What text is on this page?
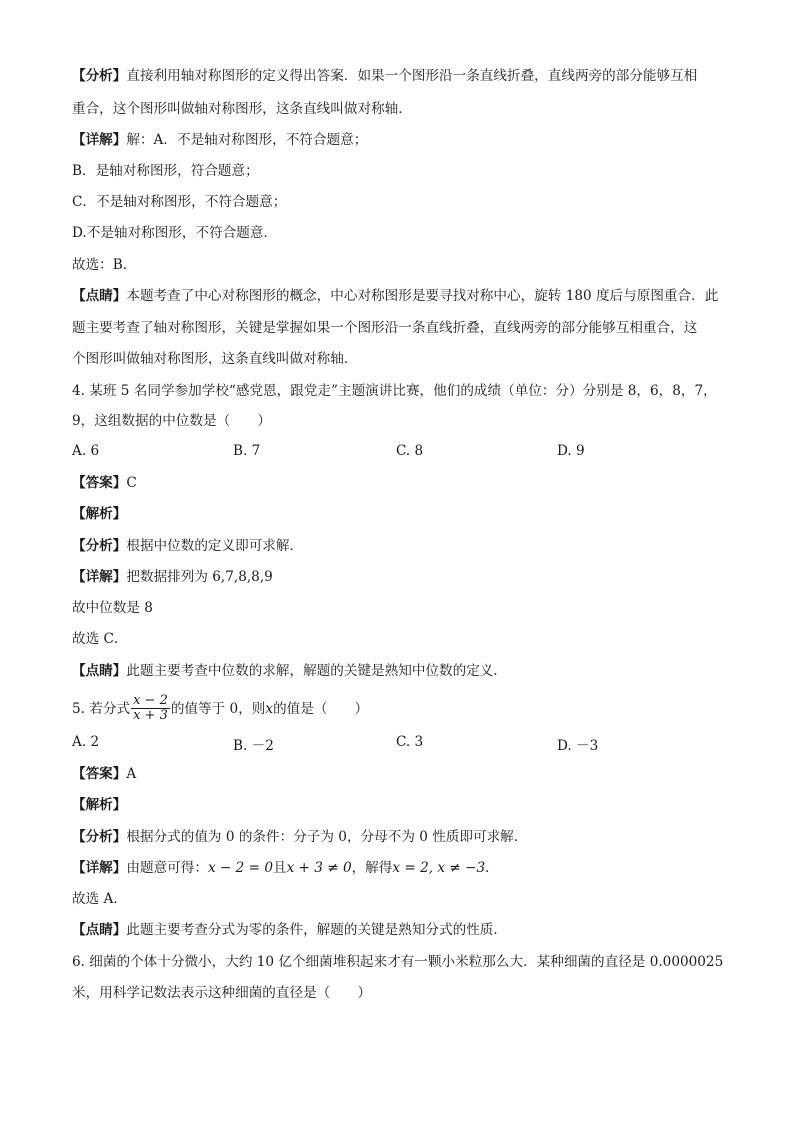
【分析】直接利用轴对称图形的定义得出答案．如果一个图形沿一条直线折叠，直线两旁的部分能够互相
重合，这个图形叫做轴对称图形，这条直线叫做对称轴．
【详解】解：A．不是轴对称图形，不符合题意；
B．是轴对称图形，符合题意；
C．不是轴对称图形，不符合题意；
D.不是轴对称图形，不符合题意．
故选：B．
【点睛】本题考查了中心对称图形的概念，中心对称图形是要寻找对称中心，旋转 180 度后与原图重合．此
题主要考查了轴对称图形，关键是掌握如果一个图形沿一条直线折叠，直线两旁的部分能够互相重合，这
个图形叫做轴对称图形，这条直线叫做对称轴．
4. 某班 5 名同学参加学校“感党恩，跟党走”主题演讲比赛，他们的成绩（单位：分）分别是 8，6，8，7，
9，这组数据的中位数是（　　）
A. 6	B. 7	C. 8	D. 9
【答案】C
【解析】
【分析】根据中位数的定义即可求解．
【详解】把数据排列为 6,7,8,8,9
故中位数是 8
故选 C．
【点睛】此题主要考查中位数的求解，解题的关键是熟知中位数的定义．
5. 若分式 $\frac{x - 2}{x + 3}$ 的值等于 0，则x的值是（　　）
A. 2	B. －2	C. 3	D. －3
【答案】A
【解析】
【分析】根据分式的值为 0 的条件：分子为 0，分母不为 0 性质即可求解．
【详解】由题意可得：x − 2 = 0且x + 3 ≠ 0，解得x = 2, x ≠ −3．
故选 A．
【点睛】此题主要考查分式为零的条件，解题的关键是熟知分式的性质．
6. 细菌的个体十分微小，大约 10 亿个细菌堆积起来才有一颗小米粒那么大．某种细菌的直径是 0.0000025
米，用科学记数法表示这种细菌的直径是（　　）
